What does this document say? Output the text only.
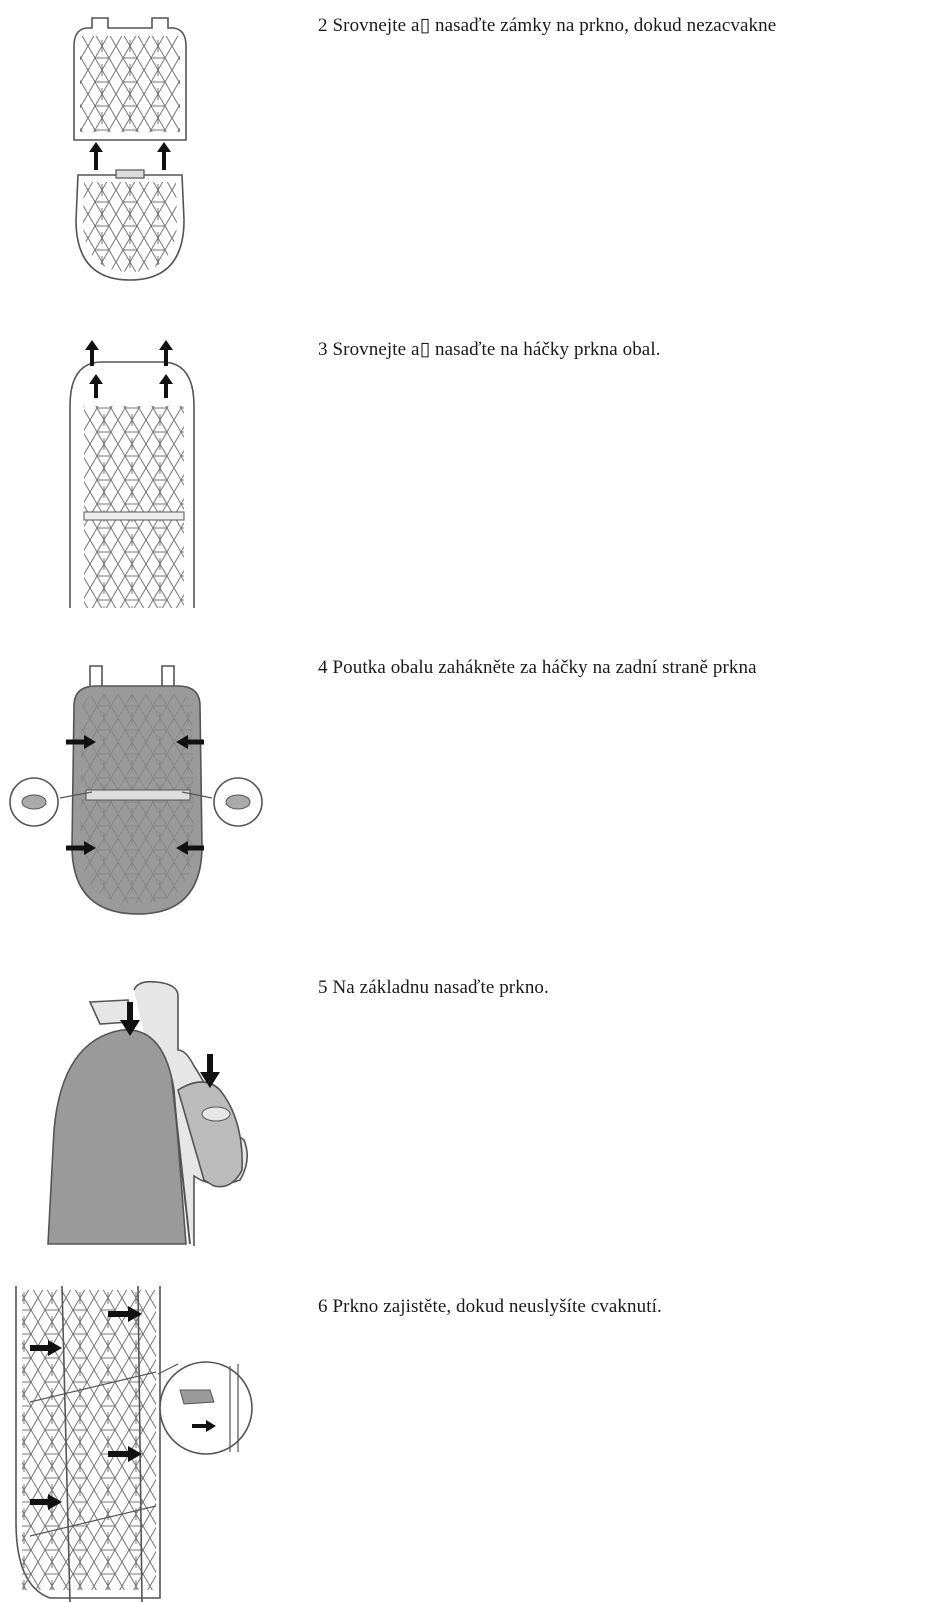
2 Srovnejte a▯ nasaďte zámky na prkno, dokud nezacvakne
3 Srovnejte a▯ nasaďte na háčky prkna obal.
4 Poutka obalu zahákněte za háčky na zadní straně prkna
5 Na základnu nasaďte prkno.
6 Prkno zajistěte, dokud neuslyšíte cvaknutí.
